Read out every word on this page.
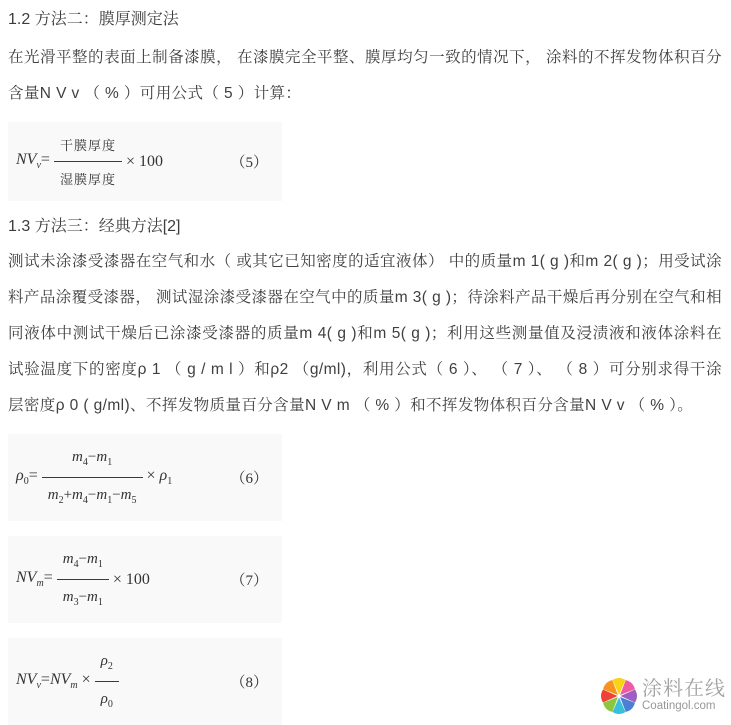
1.2 方法二：膜厚测定法
在光滑平整的表面上制备漆膜， 在漆膜完全平整、膜厚均匀一致的情况下， 涂料的不挥发物体积百分含量N V v （ % ）可用公式（ 5 ）计算：
$NV_v= \frac{\text{干膜厚度}}{\text{湿膜厚度}} \times 100$	（5）
1.3 方法三：经典方法[2]
测试未涂漆受漆器在空气和水（ 或其它已知密度的适宜液体） 中的质量m 1( g )和m 2( g )；用受试涂料产品涂覆受漆器， 测试湿涂漆受漆器在空气中的质量m 3( g )；待涂料产品干燥后再分别在空气和相同液体中测试干燥后已涂漆受漆器的质量m 4( g )和m 5( g )；利用这些测量值及浸渍液和液体涂料在试验温度下的密度ρ 1 （ g / m l ）和ρ2 （g/ml)，利用公式（ 6 ）、 （ 7 ）、 （ 8 ）可分别求得干涂层密度ρ 0 ( g/ml)、不挥发物质量百分含量N V m （ % ）和不挥发物体积百分含量N V v （ % ）。
$\rho_0= \frac{m_4-m_1}{m_2+m_4-m_1-m_5} \times \rho_1$	（6）
$NV_m= \frac{m_4-m_1}{m_3-m_1} \times 100$	（7）
$NV_v=NV_m \times \frac{\rho_2}{\rho_0}$	（8）	涂料在线
Coatingol.com
